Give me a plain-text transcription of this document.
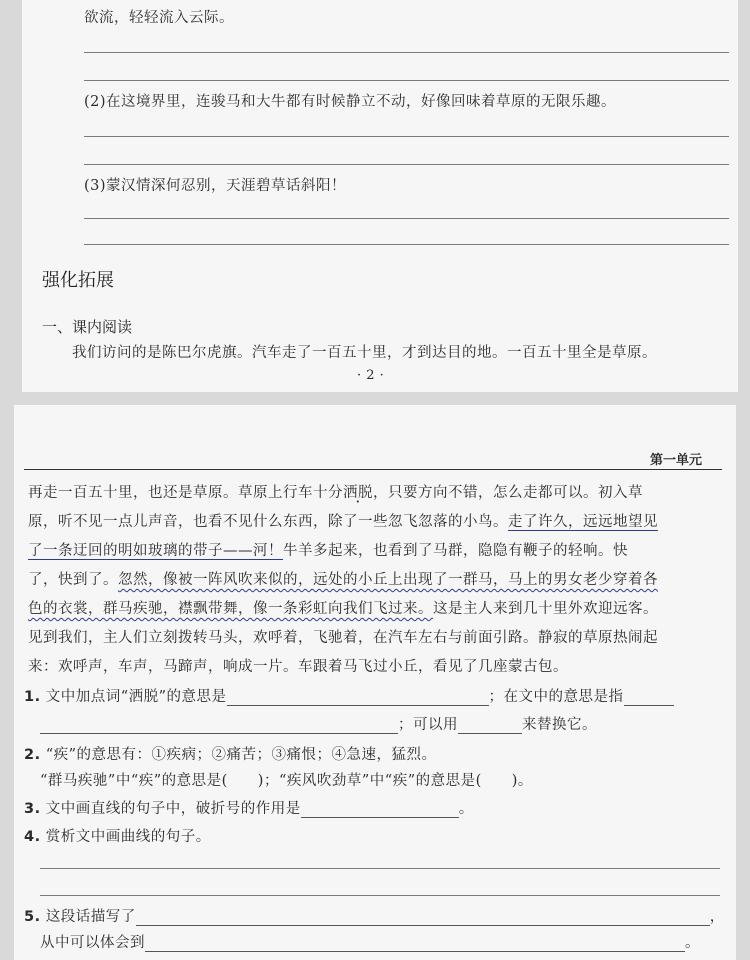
欲流，轻轻流入云际。
(2)在这境界里，连骏马和大牛都有时候静立不动，好像回味着草原的无限乐趣。
(3)蒙汉情深何忍别，天涯碧草话斜阳！
强化拓展
一、课内阅读
我们访问的是陈巴尔虎旗。汽车走了一百五十里，才到达目的地。一百五十里全是草原。
· 2 ·
第一单元
再走一百五十里，也还是草原。草原上行车十分洒脱，只要方向不错，怎么走都可以。初入草
原，听不见一点儿声音，也看不见什么东西，除了一些忽飞忽落的小鸟。走了许久，远远地望见
了一条迂回的明如玻璃的带子——河！牛羊多起来，也看到了马群，隐隐有鞭子的轻响。快
了，快到了。忽然，像被一阵风吹来似的，远处的小丘上出现了一群马，马上的男女老少穿着各
色的衣裳，群马疾驰，襟飘带舞，像一条彩虹向我们飞过来。这是主人来到几十里外欢迎远客。
见到我们，主人们立刻拨转马头，欢呼着，飞驰着，在汽车左右与前面引路。静寂的草原热闹起
来：欢呼声，车声，马蹄声，响成一片。车跟着马飞过小丘，看见了几座蒙古包。
1. 文中加点词“洒脱”的意思是	；在文中的意思是指
；可以用	来替换它。
2. “疾”的意思有：①疾病；②痛苦；③痛恨；④急速，猛烈。
“群马疾驰”中“疾”的意思是(　　)；“疾风吹劲草”中“疾”的意思是(　　)。
3. 文中画直线的句子中，破折号的作用是	。
4. 赏析文中画曲线的句子。
5. 这段话描写了	，
从中可以体会到	。
